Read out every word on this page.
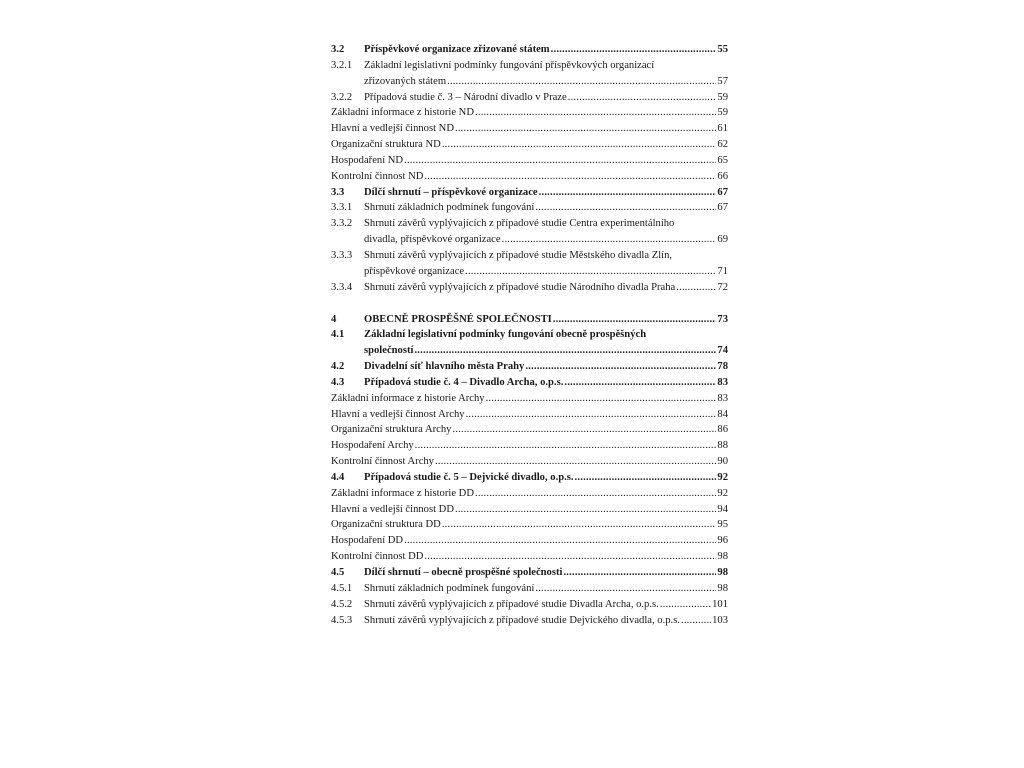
3.2 Příspěvkové organizace zřizované státem .....	55
3.2.1 Základní legislativní podmínky fungování příspěvkových organizací
zřizovaných státem .....	57
3.2.2 Případová studie č. 3 – Národní divadlo v Praze .....	59
Základní informace z historie ND .....	59
Hlavní a vedlejší činnost ND .....	61
Organizační struktura ND .....	62
Hospodaření ND .....	65
Kontrolní činnost ND .....	66
3.3 Dílčí shrnutí – příspěvkové organizace .....	67
3.3.1 Shrnutí základních podmínek fungování .....	67
3.3.2 Shrnutí závěrů vyplývajících z případové studie Centra experimentálního
divadla, příspěvkové organizace .....	69
3.3.3 Shrnutí závěrů vyplývajících z případové studie Městského divadla Zlín,
příspěvkové organizace .....	71
3.3.4 Shrnutí závěrů vyplývajících z případové studie Národního divadla Praha .....	72
4	OBECNĚ PROSPĚŠNÉ SPOLEČNOSTI .....	73
4.1 Základní legislativní podmínky fungování obecně prospěšných
společností .....	74
4.2 Divadelní síť hlavního města Prahy .....	78
4.3 Případová studie č. 4 – Divadlo Archa, o.p.s. .....	83
Základní informace z historie Archy .....	83
Hlavní a vedlejší činnost Archy .....	84
Organizační struktura Archy .....	86
Hospodaření Archy .....	88
Kontrolní činnost Archy .....	90
4.4 Případová studie č. 5 – Dejvické divadlo, o.p.s. .....	92
Základní informace z historie DD .....	92
Hlavní a vedlejší činnost DD .....	94
Organizační struktura DD .....	95
Hospodaření DD .....	96
Kontrolní činnost DD .....	98
4.5 Dílčí shrnutí – obecně prospěšné společnosti .....	98
4.5.1 Shrnutí základních podmínek fungování .....	98
4.5.2 Shrnutí závěrů vyplývajících z případové studie Divadla Archa, o.p.s. .....	101
4.5.3 Shrnutí závěrů vyplývajících z případové studie Dejvického divadla, o.p.s. .....	103
